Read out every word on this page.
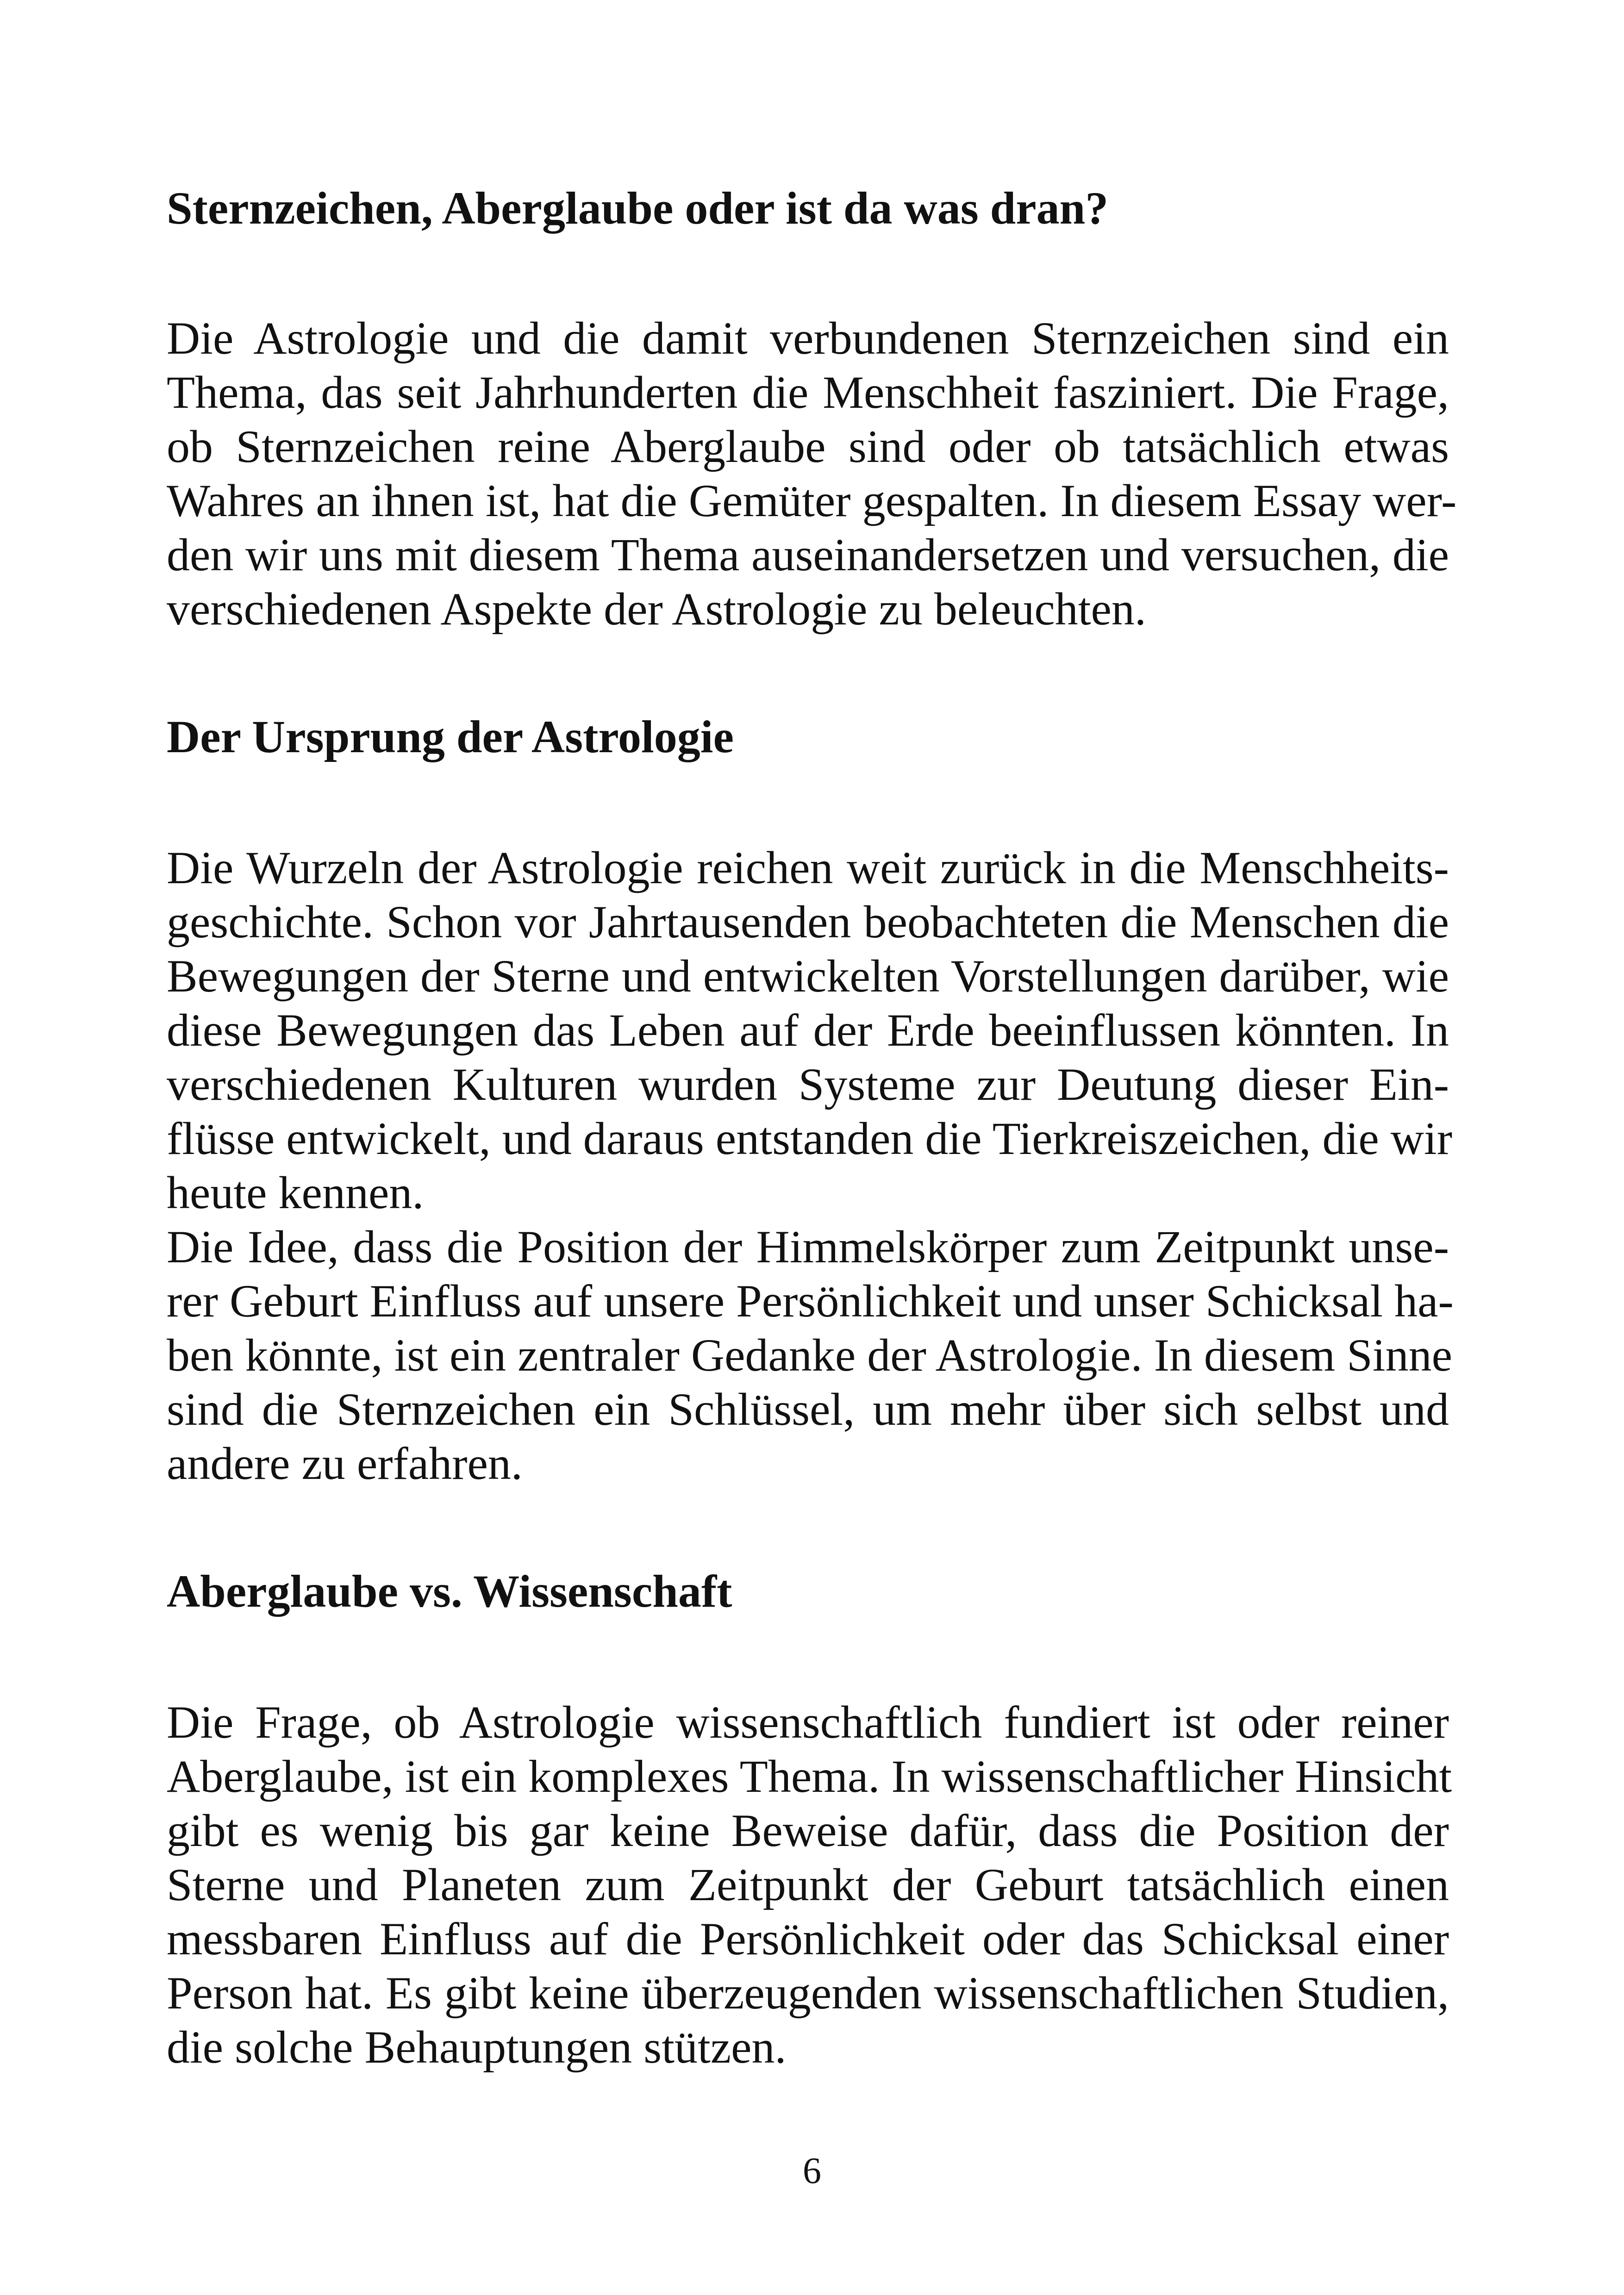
Sternzeichen, Aberglaube oder ist da was dran?
Die Astrologie und die damit verbundenen Sternzeichen sind ein
Thema, das seit Jahrhunderten die Menschheit fasziniert. Die Frage,
ob Sternzeichen reine Aberglaube sind oder ob tatsächlich etwas
Wahres an ihnen ist, hat die Gemüter gespalten. In diesem Essay wer-
den wir uns mit diesem Thema auseinandersetzen und versuchen, die
verschiedenen Aspekte der Astrologie zu beleuchten.
Der Ursprung der Astrologie
Die Wurzeln der Astrologie reichen weit zurück in die Menschheits-
geschichte. Schon vor Jahrtausenden beobachteten die Menschen die
Bewegungen der Sterne und entwickelten Vorstellungen darüber, wie
diese Bewegungen das Leben auf der Erde beeinflussen könnten. In
verschiedenen Kulturen wurden Systeme zur Deutung dieser Ein-
flüsse entwickelt, und daraus entstanden die Tierkreiszeichen, die wir
heute kennen.
Die Idee, dass die Position der Himmelskörper zum Zeitpunkt unse-
rer Geburt Einfluss auf unsere Persönlichkeit und unser Schicksal ha-
ben könnte, ist ein zentraler Gedanke der Astrologie. In diesem Sinne
sind die Sternzeichen ein Schlüssel, um mehr über sich selbst und
andere zu erfahren.
Aberglaube vs. Wissenschaft
Die Frage, ob Astrologie wissenschaftlich fundiert ist oder reiner
Aberglaube, ist ein komplexes Thema. In wissenschaftlicher Hinsicht
gibt es wenig bis gar keine Beweise dafür, dass die Position der
Sterne und Planeten zum Zeitpunkt der Geburt tatsächlich einen
messbaren Einfluss auf die Persönlichkeit oder das Schicksal einer
Person hat. Es gibt keine überzeugenden wissenschaftlichen Studien,
die solche Behauptungen stützen.
6
